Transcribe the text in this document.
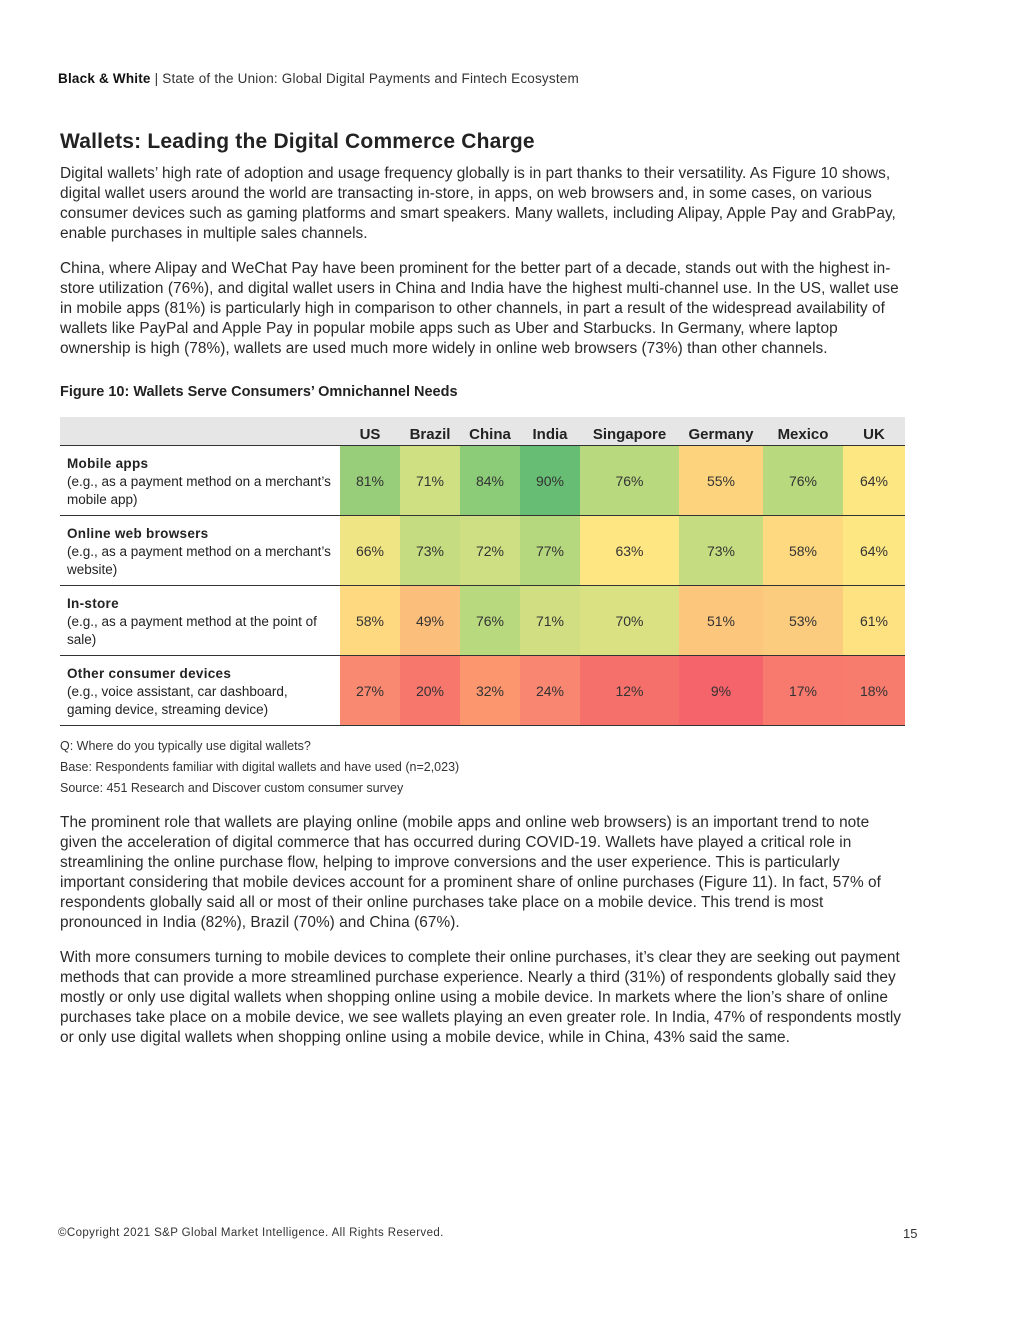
Black & White | State of the Union: Global Digital Payments and Fintech Ecosystem
Wallets: Leading the Digital Commerce Charge

Digital wallets’ high rate of adoption and usage frequency globally is in part thanks to their versatility. As Figure 10 shows, digital wallet users around the world are transacting in-store, in apps, on web browsers and, in some cases, on various consumer devices such as gaming platforms and smart speakers. Many wallets, including Alipay, Apple Pay and GrabPay, enable purchases in multiple sales channels.

China, where Alipay and WeChat Pay have been prominent for the better part of a decade, stands out with the highest in-store utilization (76%), and digital wallet users in China and India have the highest multi-channel use. In the US, wallet use in mobile apps (81%) is particularly high in comparison to other channels, in part a result of the widespread availability of wallets like PayPal and Apple Pay in popular mobile apps such as Uber and Starbucks. In Germany, where laptop ownership is high (78%), wallets are used much more widely in online web browsers (73%) than other channels.

Figure 10: Wallets Serve Consumers’ Omnichannel Needs
	US	Brazil	China	India	Singapore	Germany	Mexico	UK

Mobile apps
(e.g., as a payment method on a merchant’s mobile app)	81%	71%	84%	90%	76%	55%	76%	64%

Online web browsers
(e.g., as a payment method on a merchant’s website)	66%	73%	72%	77%	63%	73%	58%	64%

In-store
(e.g., as a payment method at the point of sale)	58%	49%	76%	71%	70%	51%	53%	61%

Other consumer devices
(e.g., voice assistant, car dashboard, gaming device, streaming device)	27%	20%	32%	24%	12%	9%	17%	18%
Q: Where do you typically use digital wallets?
Base: Respondents familiar with digital wallets and have used (n=2,023)
Source: 451 Research and Discover custom consumer survey

The prominent role that wallets are playing online (mobile apps and online web browsers) is an important trend to note given the acceleration of digital commerce that has occurred during COVID-19. Wallets have played a critical role in streamlining the online purchase flow, helping to improve conversions and the user experience. This is particularly important considering that mobile devices account for a prominent share of online purchases (Figure 11). In fact, 57% of respondents globally said all or most of their online purchases take place on a mobile device. This trend is most pronounced in India (82%), Brazil (70%) and China (67%).

With more consumers turning to mobile devices to complete their online purchases, it’s clear they are seeking out payment methods that can provide a more streamlined purchase experience. Nearly a third (31%) of respondents globally said they mostly or only use digital wallets when shopping online using a mobile device. In markets where the lion’s share of online purchases take place on a mobile device, we see wallets playing an even greater role. In India, 47% of respondents mostly or only use digital wallets when shopping online using a mobile device, while in China, 43% said the same.

©Copyright 2021 S&P Global Market Intelligence. All Rights Reserved.	15
